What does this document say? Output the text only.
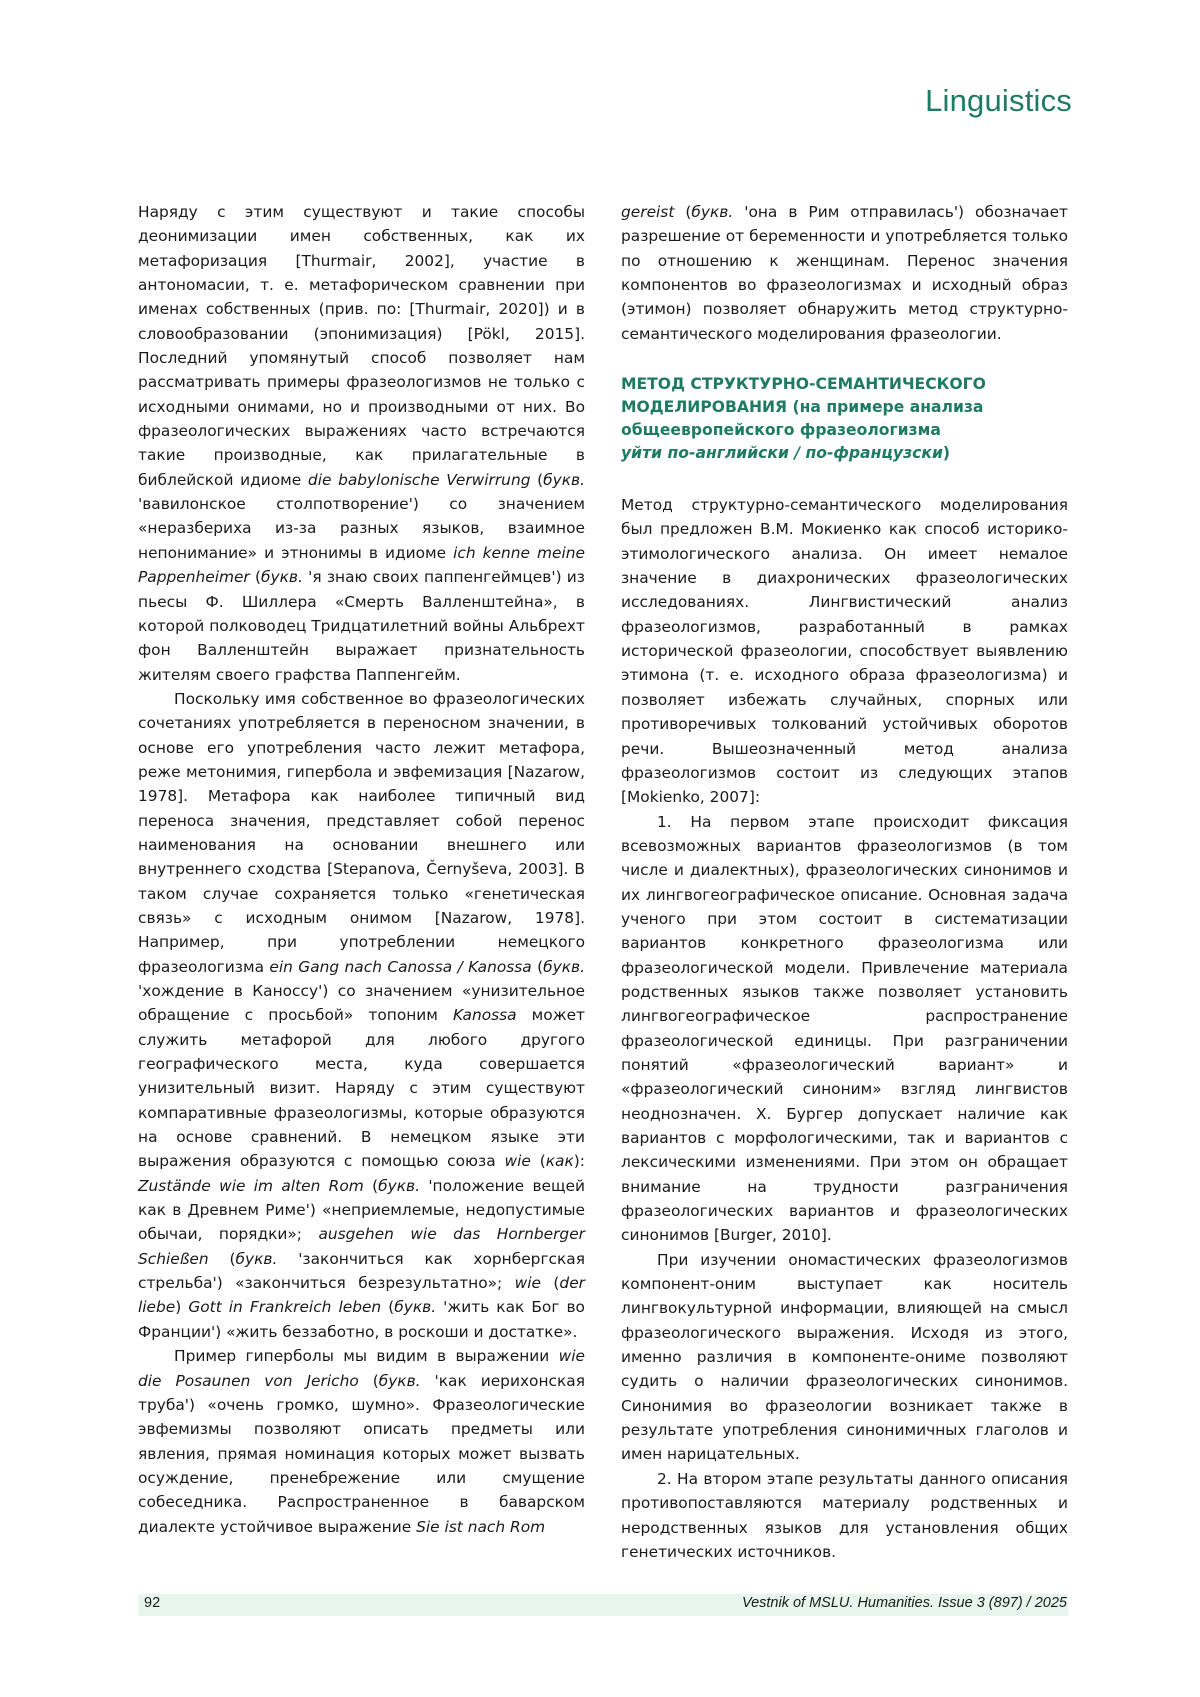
Linguistics

Наряду с этим существуют и такие способы деонимизации имен собственных, как их метафоризация [Thurmair, 2002], участие в антономасии, т. е. метафорическом сравнении при именах собственных (прив. по: [Thurmair, 2020]) и в словообразовании (эпонимизация) [Pökl, 2015]. Последний упомянутый способ позволяет нам рассматривать примеры фразеологизмов не только с исходными онимами, но и производными от них. Во фразеологических выражениях часто встречаются такие производные, как прилагательные в библейской идиоме die babylonische Verwirrung (букв. 'вавилонское столпотворение') со значением «неразбериха из-за разных языков, взаимное непонимание» и этнонимы в идиоме ich kenne meine Pappenheimer (букв. 'я знаю своих паппенгеймцев') из пьесы Ф. Шиллера «Смерть Валленштейна», в которой полководец Тридцатилетний войны Альбрехт фон Валленштейн выражает признательность жителям своего графства Паппенгейм.

Поскольку имя собственное во фразеологических сочетаниях употребляется в переносном значении, в основе его употребления часто лежит метафора, реже метонимия, гипербола и эвфемизация [Nazarow, 1978]. Метафора как наиболее типичный вид переноса значения, представляет собой перенос наименования на основании внешнего или внутреннего сходства [Stepanova, Černyševa, 2003]. В таком случае сохраняется только «генетическая связь» с исходным онимом [Nazarow, 1978]. Например, при употреблении немецкого фразеологизма ein Gang nach Canossa / Kanossa (букв. 'хождение в Каноссу') со значением «унизительное обращение с просьбой» топоним Kanossa может служить метафорой для любого другого географического места, куда совершается унизительный визит. Наряду с этим существуют компаративные фразеологизмы, которые образуются на основе сравнений. В немецком языке эти выражения образуются с помощью союза wie (как): Zustände wie im alten Rom (букв. 'положение вещей как в Древнем Риме') «неприемлемые, недопустимые обычаи, порядки»; ausgehen wie das Hornberger Schießen (букв. 'закончиться как хорнбергская стрельба') «закончиться безрезультатно»; wie (der liebe) Gott in Frankreich leben (букв. 'жить как Бог во Франции') «жить беззаботно, в роскоши и достатке».

Пример гиперболы мы видим в выражении wie die Posaunen von Jericho (букв. 'как иерихонская труба') «очень громко, шумно». Фразеологические эвфемизмы позволяют описать предметы или явления, прямая номинация которых может вызвать осуждение, пренебрежение или смущение собеседника. Распространенное в баварском диалекте устойчивое выражение Sie ist nach Rom

gereist (букв. 'она в Рим отправилась') обозначает разрешение от беременности и употребляется только по отношению к женщинам. Перенос значения компонентов во фразеологизмах и исходный образ (этимон) позволяет обнаружить метод структурно-семантического моделирования фразеологии.

МЕТОД СТРУКТУРНО-СЕМАНТИЧЕСКОГО МОДЕЛИРОВАНИЯ (на примере анализа общеевропейского фразеологизма
уйти по-английски / по-французски)

Метод структурно-семантического моделирования был предложен В.М. Мокиенко как способ историко-этимологического анализа. Он имеет немалое значение в диахронических фразеологических исследованиях. Лингвистический анализ фразеологизмов, разработанный в рамках исторической фразеологии, способствует выявлению этимона (т. е. исходного образа фразеологизма) и позволяет избежать случайных, спорных или противоречивых толкований устойчивых оборотов речи. Вышеозначенный метод анализа фразеологизмов состоит из следующих этапов [Mokienko, 2007]:

1. На первом этапе происходит фиксация всевозможных вариантов фразеологизмов (в том числе и диалектных), фразеологических синонимов и их лингвогеографическое описание. Основная задача ученого при этом состоит в систематизации вариантов конкретного фразеологизма или фразеологической модели. Привлечение материала родственных языков также позволяет установить лингвогеографическое распространение фразеологической единицы. При разграничении понятий «фразеологический вариант» и «фразеологический синоним» взгляд лингвистов неоднозначен. Х. Бургер допускает наличие как вариантов с морфологическими, так и вариантов с лексическими изменениями. При этом он обращает внимание на трудности разграничения фразеологических вариантов и фразеологических синонимов [Burger, 2010].

При изучении ономастических фразеологизмов компонент-оним выступает как носитель лингвокультурной информации, влияющей на смысл фразеологического выражения. Исходя из этого, именно различия в компоненте-ониме позволяют судить о наличии фразеологических синонимов. Синонимия во фразеологии возникает также в результате употребления синонимичных глаголов и имен нарицательных.

2. На втором этапе результаты данного описания противопоставляются материалу родственных и неродственных языков для установления общих генетических источников.

92	Vestnik of MSLU. Humanities. Issue 3 (897) / 2025
